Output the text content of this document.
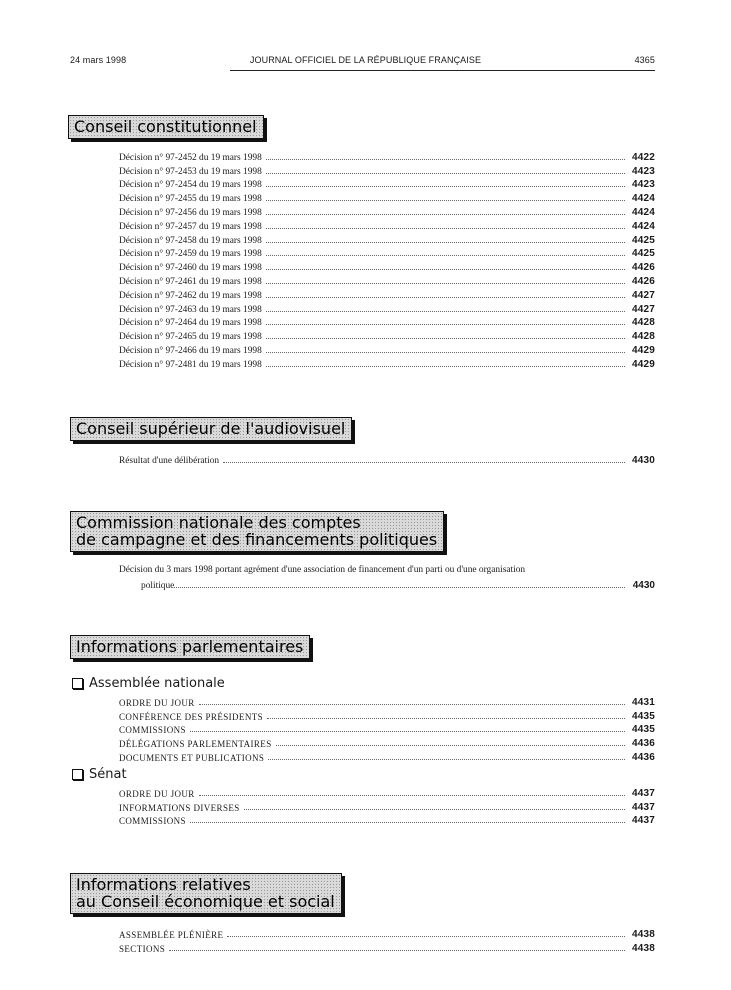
24 mars 1998	JOURNAL OFFICIEL DE LA RÉPUBLIQUE FRANÇAISE	4365
Conseil constitutionnel
Décision n° 97-2452 du 19 mars 1998	4422
Décision n° 97-2453 du 19 mars 1998	4423
Décision n° 97-2454 du 19 mars 1998	4423
Décision n° 97-2455 du 19 mars 1998	4424
Décision n° 97-2456 du 19 mars 1998	4424
Décision n° 97-2457 du 19 mars 1998	4424
Décision n° 97-2458 du 19 mars 1998	4425
Décision n° 97-2459 du 19 mars 1998	4425
Décision n° 97-2460 du 19 mars 1998	4426
Décision n° 97-2461 du 19 mars 1998	4426
Décision n° 97-2462 du 19 mars 1998	4427
Décision n° 97-2463 du 19 mars 1998	4427
Décision n° 97-2464 du 19 mars 1998	4428
Décision n° 97-2465 du 19 mars 1998	4428
Décision n° 97-2466 du 19 mars 1998	4429
Décision n° 97-2481 du 19 mars 1998	4429
Conseil supérieur de l'audiovisuel
Résultat d'une délibération	4430
Commission nationale des comptes
de campagne et des financements politiques
Décision du 3 mars 1998 portant agrément d'une association de financement d'un parti ou d'une organisation
politique	4430
Informations parlementaires
Assemblée nationale
ORDRE DU JOUR	4431
CONFÉRENCE DES PRÉSIDENTS	4435
COMMISSIONS	4435
DÉLÉGATIONS PARLEMENTAIRES	4436
DOCUMENTS ET PUBLICATIONS	4436
Sénat
ORDRE DU JOUR	4437
INFORMATIONS DIVERSES	4437
COMMISSIONS	4437
Informations relatives
au Conseil économique et social
ASSEMBLÉE PLÉNIÈRE	4438
SECTIONS	4438
